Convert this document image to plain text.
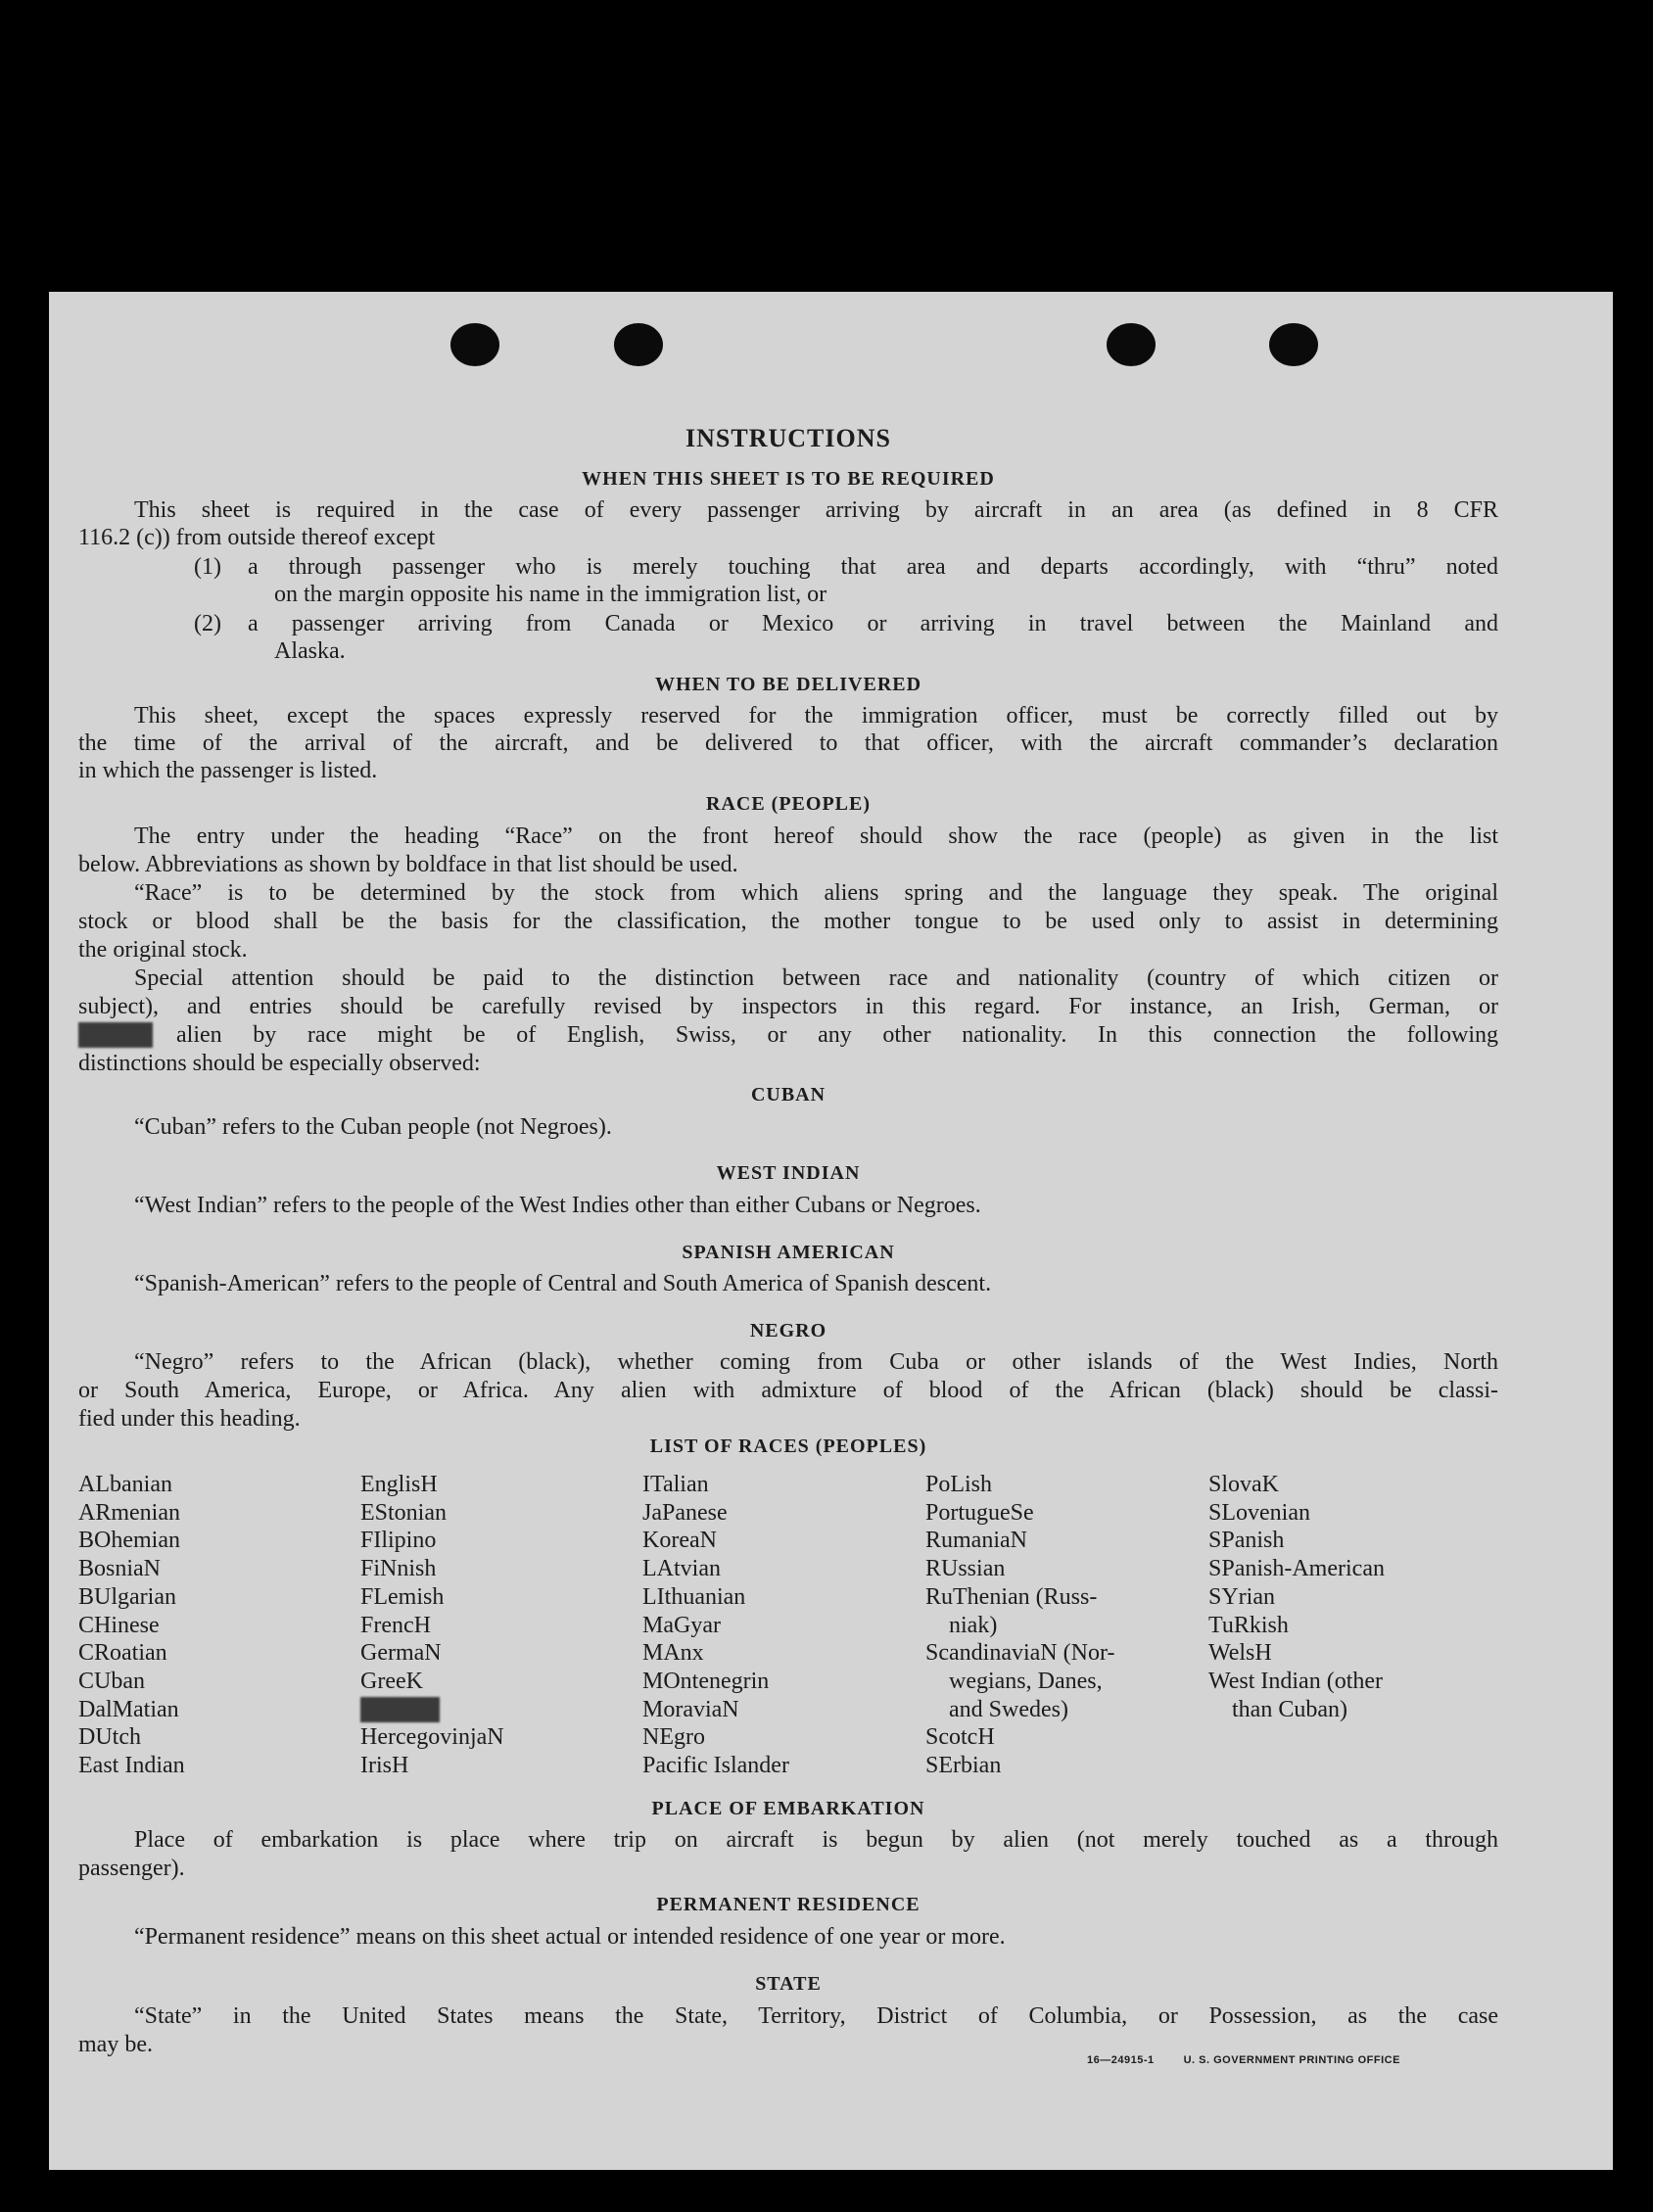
INSTRUCTIONS
WHEN THIS SHEET IS TO BE REQUIRED
This sheet is required in the case of every passenger arriving by aircraft in an area (as defined in 8 CFR
116.2 (c)) from outside thereof except
(1) a through passenger who is merely touching that area and departs accordingly, with “thru” noted
on the margin opposite his name in the immigration list, or
(2) a passenger arriving from Canada or Mexico or arriving in travel between the Mainland and
Alaska.
WHEN TO BE DELIVERED
This sheet, except the spaces expressly reserved for the immigration officer, must be correctly filled out by
the time of the arrival of the aircraft, and be delivered to that officer, with the aircraft commander’s declaration
in which the passenger is listed.
RACE (PEOPLE)
The entry under the heading “Race” on the front hereof should show the race (people) as given in the list
below. Abbreviations as shown by boldface in that list should be used.
“Race” is to be determined by the stock from which aliens spring and the language they speak. The original
stock or blood shall be the basis for the classification, the mother tongue to be used only to assist in determining
the original stock.
Special attention should be paid to the distinction between race and nationality (country of which citizen or
subject), and entries should be carefully revised by inspectors in this regard. For instance, an Irish, German, or
alien by race might be of English, Swiss, or any other nationality. In this connection the following
distinctions should be especially observed:
CUBAN
“Cuban” refers to the Cuban people (not Negroes).
WEST INDIAN
“West Indian” refers to the people of the West Indies other than either Cubans or Negroes.
SPANISH AMERICAN
“Spanish-American” refers to the people of Central and South America of Spanish descent.
NEGRO
“Negro” refers to the African (black), whether coming from Cuba or other islands of the West Indies, North
or South America, Europe, or Africa. Any alien with admixture of blood of the African (black) should be classi-
fied under this heading.
LIST OF RACES (PEOPLES)
ALbanian
ARmenian
BOhemian
BosniaN
BUlgarian
CHinese
CRoatian
CUban
DalMatian
DUtch
East Indian
EnglisH
EStonian
FIlipino
FiNnish
FLemish
FrencH
GermaN
GreeK
HercegovinjaN
IrisH
ITalian
JaPanese
KoreaN
LAtvian
LIthuanian
MaGyar
MAnx
MOntenegrin
MoraviaN
NEgro
Pacific Islander
PoLish
PortugueSe
RumaniaN
RUssian
RuThenian (Russ-
niak)
ScandinaviaN (Nor-
wegians, Danes,
and Swedes)
ScotcH
SErbian
SlovaK
SLovenian
SPanish
SPanish-American
SYrian
TuRkish
WelsH
West Indian (other
than Cuban)
PLACE OF EMBARKATION
Place of embarkation is place where trip on aircraft is begun by alien (not merely touched as a through
passenger).
PERMANENT RESIDENCE
“Permanent residence” means on this sheet actual or intended residence of one year or more.
STATE
“State” in the United States means the State, Territory, District of Columbia, or Possession, as the case
may be.
16—24915-1	U. S. GOVERNMENT PRINTING OFFICE
